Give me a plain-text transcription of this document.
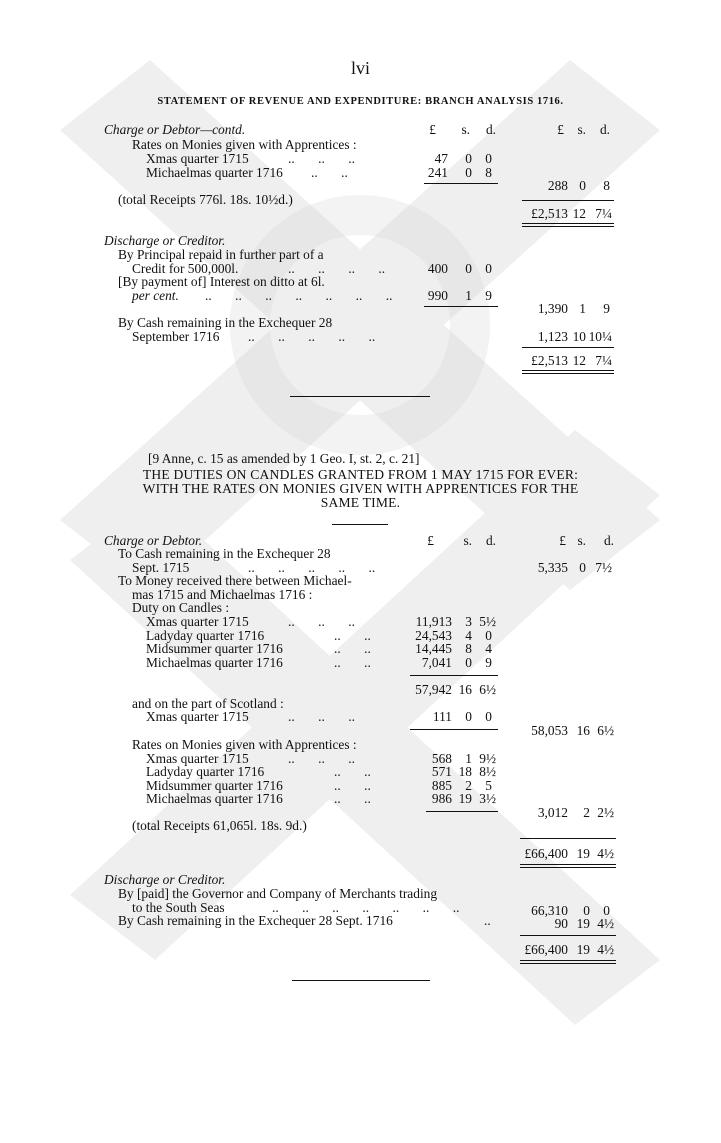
lvi
STATEMENT OF REVENUE AND EXPENDITURE: BRANCH ANALYSIS 1716.
Charge or Debtor—contd.	£	s.	d.	£	s.	d.
Rates on Monies given with Apprentices :
Xmas quarter 1715	..       ..       ..	47	0 0
Michaelmas quarter 1716 ..       ..	241	0 8
288 0	8
(total Receipts 776l. 18s. 10½d.)
£2,513 12 7¼
Discharge or Creditor.
By Principal repaid in further part of a
Credit for 500,000l.	..       ..       ..       ..	400	0 0
[By payment of] Interest on ditto at 6l.
per cent. ..       ..       ..       ..       ..       ..       ..	990	1 9
1,390 1	9
By Cash remaining in the Exchequer 28
September 1716 ..       ..       ..       ..       ..	1,123 10 10¼
£2,513 12 7¼
[9 Anne, c. 15 as amended by 1 Geo. I, st. 2, c. 21]
THE DUTIES ON CANDLES GRANTED FROM 1 MAY 1715 FOR EVER:
WITH THE RATES ON MONIES GIVEN WITH APPRENTICES FOR THE
SAME TIME.
Charge or Debtor.	£	s.	d.	£ s.	d.
To Cash remaining in the Exchequer 28
Sept. 1715	..       ..       ..       ..       ..	5,335 0 7½
To Money received there between Michael-
mas 1715 and Michaelmas 1716 :
Duty on Candles :
Xmas quarter 1715	..       ..       ..	11,913 3 5½
Ladyday quarter 1716	..       ..	24,543 4 0
Midsummer quarter 1716	..       ..	14,445 8 4
Michaelmas quarter 1716	..       ..	7,041 0 9
57,942 16 6½
and on the part of Scotland :
Xmas quarter 1715	..       ..       ..	111 0 0
58,053 16 6½
Rates on Monies given with Apprentices :
Xmas quarter 1715	..       ..       ..	568 1 9½
Ladyday quarter 1716	..       ..	571 18 8½
Midsummer quarter 1716	..       ..	885 2 5
Michaelmas quarter 1716	..       ..	986 19 3½
3,012	2 2½
(total Receipts 61,065l. 18s. 9d.)
£66,400 19 4½
Discharge or Creditor.
By [paid] the Governor and Company of Merchants trading
to the South Seas	..       ..       ..       ..       ..       ..       ..	66,310	0 0
By Cash remaining in the Exchequer 28 Sept. 1716	..	90 19 4½
£66,400 19 4½
